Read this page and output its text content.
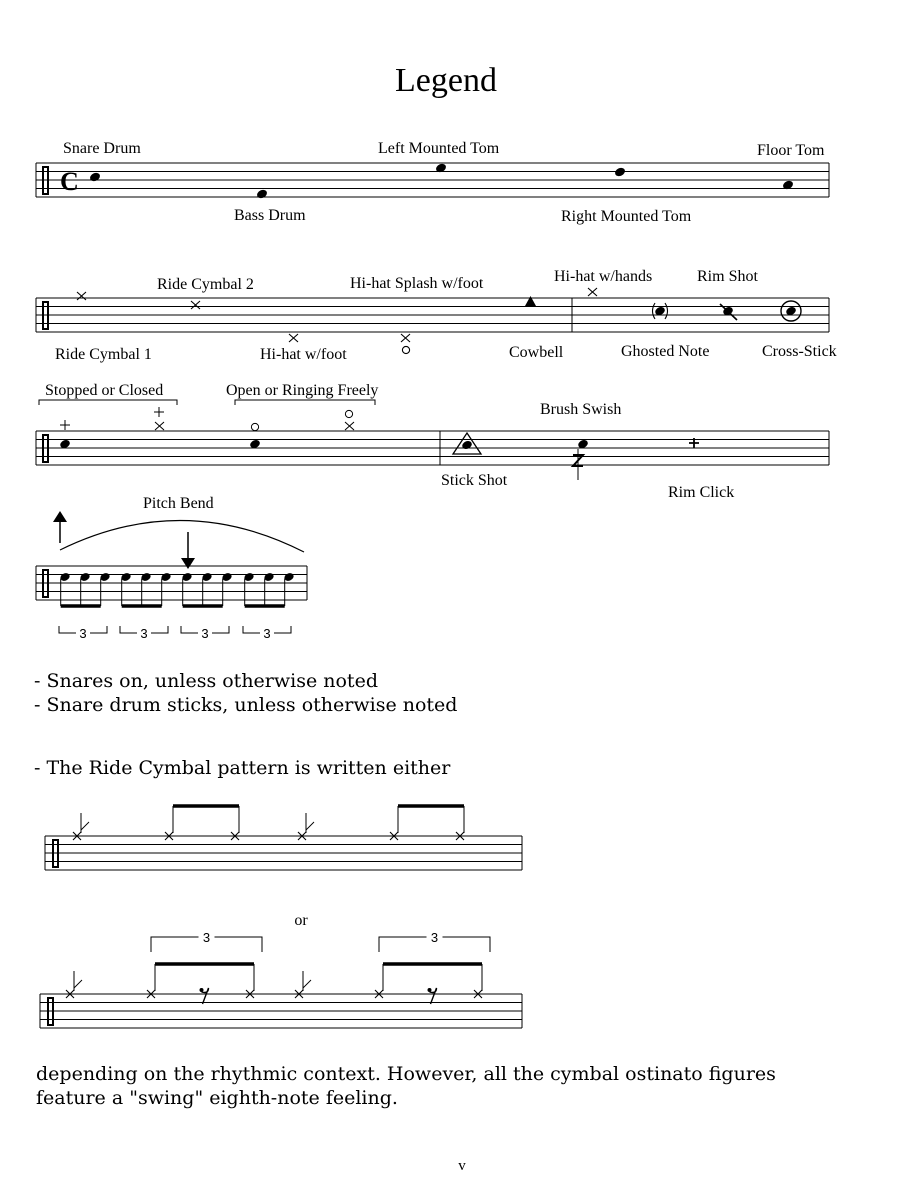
Legend
C
Snare Drum	Left Mounted Tom	Floor Tom
Bass Drum	Right Mounted Tom
Ride Cymbal 2	Hi-hat Splash w/foot	Hi-hat w/hands	Rim Shot
Ride Cymbal 1	Hi-hat w/foot	Cowbell	Ghosted Note	Cross-Stick
Stopped or Closed	Open or Ringing Freely
Brush Swish
Stick Shot
Rim Click
Pitch Bend
3	3	3	3
or
3	3
v
- Snares on, unless otherwise noted
- Snare drum sticks, unless otherwise noted
- The Ride Cymbal pattern is written either
depending on the rhythmic context. However, all the cymbal ostinato figures
feature a "swing" eighth-note feeling.
